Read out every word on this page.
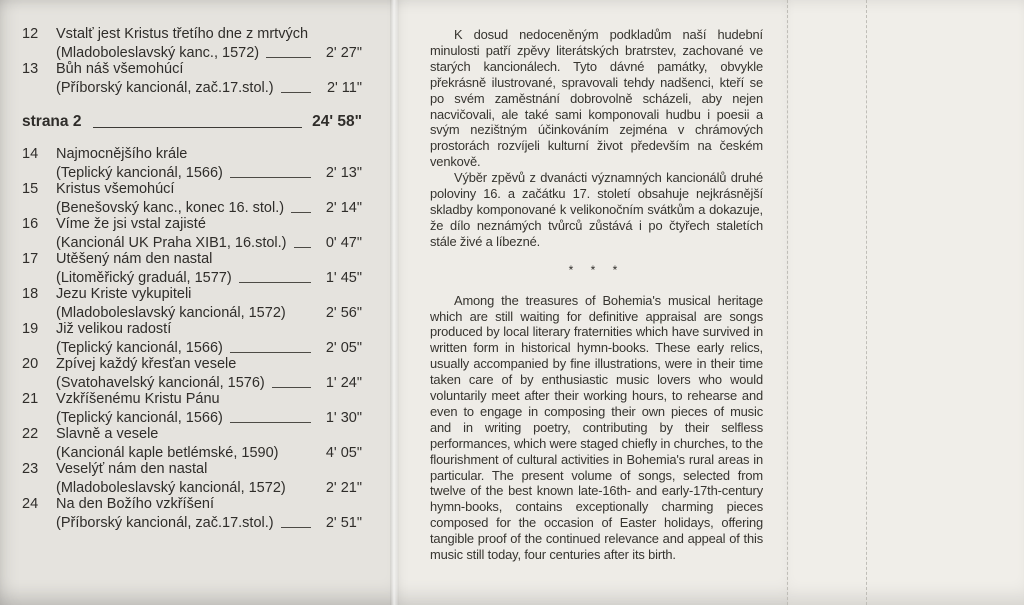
12	Vstalť jest Kristus třetího dne z mrtvých
(Mladoboleslavský kanc., 1572)	2' 27"
13	Bůh náš všemohúcí
(Příborský kancionál, zač.17.stol.)	2' 11"
strana 2	24' 58"
14	Najmocnějšího krále
(Teplický kancionál, 1566)	2' 13"
15	Kristus všemohúcí
(Benešovský kanc., konec 16. stol.)	2' 14"
16	Víme že jsi vstal zajisté
(Kancionál UK Praha XIB1, 16.stol.)	0' 47"
17	Utěšený nám den nastal
(Litoměřický graduál, 1577)	1' 45"
18	Jezu Kriste vykupiteli
(Mladoboleslavský kancionál, 1572)	2' 56"
19	Již velikou radostí
(Teplický kancionál, 1566)	2' 05"
20	Zpívej každý křesťan vesele
(Svatohavelský kancionál, 1576)	1' 24"
21	Vzkříšenému Kristu Pánu
(Teplický kancionál, 1566)	1' 30"
22	Slavně a vesele
(Kancionál kaple betlémské, 1590)	4' 05"
23	Veselýť nám den nastal
(Mladoboleslavský kancionál, 1572)	2' 21"
24	Na den Božího vzkříšení
(Příborský kancionál, zač.17.stol.)	2' 51"

K dosud nedoceněným podkladům naší hudební minulosti patří zpěvy literátských bratrstev, zachované ve starých kancionálech. Tyto dávné památky, obvykle překrásně ilustrované, spravovali tehdy nadšenci, kteří se po svém zaměstnání dobrovolně scházeli, aby nejen nacvičovali, ale také sami komponovali hudbu i poesii a svým nezištným účinkováním zejména v chrámových prostorách rozvíjeli kulturní život především na českém venkově.

Výběr zpěvů z dvanácti významných kancionálů druhé poloviny 16. a začátku 17. století obsahuje nejkrásnější skladby komponované k velikonočním svátkům a dokazuje, že dílo neznámých tvůrců zůstává i po čtyřech staletích stále živé a líbezné.

* * *

Among the treasures of Bohemia's musical heritage which are still waiting for definitive appraisal are songs produced by local literary fraternities which have survived in written form in historical hymn-books. These early relics, usually accompanied by fine illustrations, were in their time taken care of by enthusiastic music lovers who would voluntarily meet after their working hours, to rehearse and even to engage in composing their own pieces of music and in writing poetry, contributing by their selfless performances, which were staged chiefly in churches, to the flourishment of cultural activities in Bohemia's rural areas in particular. The present volume of songs, selected from twelve of the best known late-16th- and early-17th-century hymn-books, contains exceptionally charming pieces composed for the occasion of Easter holidays, offering tangible proof of the continued relevance and appeal of this music still today, four centuries after its birth.
